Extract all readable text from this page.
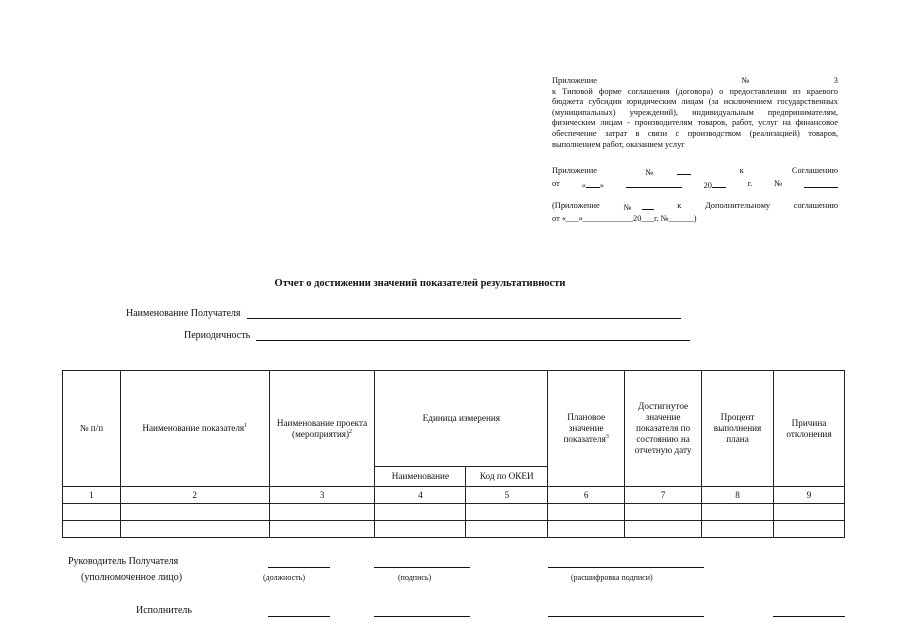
Приложение	№	3

к Типовой форме соглашения (договора) о предоставлении из краевого бюджета субсидии юридическим лицам (за исключением государственных (муниципальных) учреждений), индивидуальным предпринимателям, физическим лицам - производителям товаров, работ, услуг на финансовое обеспечение затрат в связи с производством (реализацией) товаров, выполнением работ, оказанием услуг

Приложение	№	к	Соглашению
от	« »	20	г.	№
(Приложение	№	к	Дополнительному	соглашению
от «___»____________20___г. №______)
Отчет о достижении значений показателей результативности
Наименование Получателя
Периодичность
№ п/п	Наименование показателя$^1$	Наименование проекта (мероприятия)$^2$	Единица измерения		Плановое значение показателя$^3$	Достигнутое значение показателя по состоянию на отчетную дату	Процент выполнения плана	Причина отклонения
			Наименование	Код по ОКЕИ				
1	2	3	4	5	6	7	8	9

Руководитель Получателя
(уполномоченное лицо)	(должность)	(подпись)	(расшифровка подписи)
Исполнитель
